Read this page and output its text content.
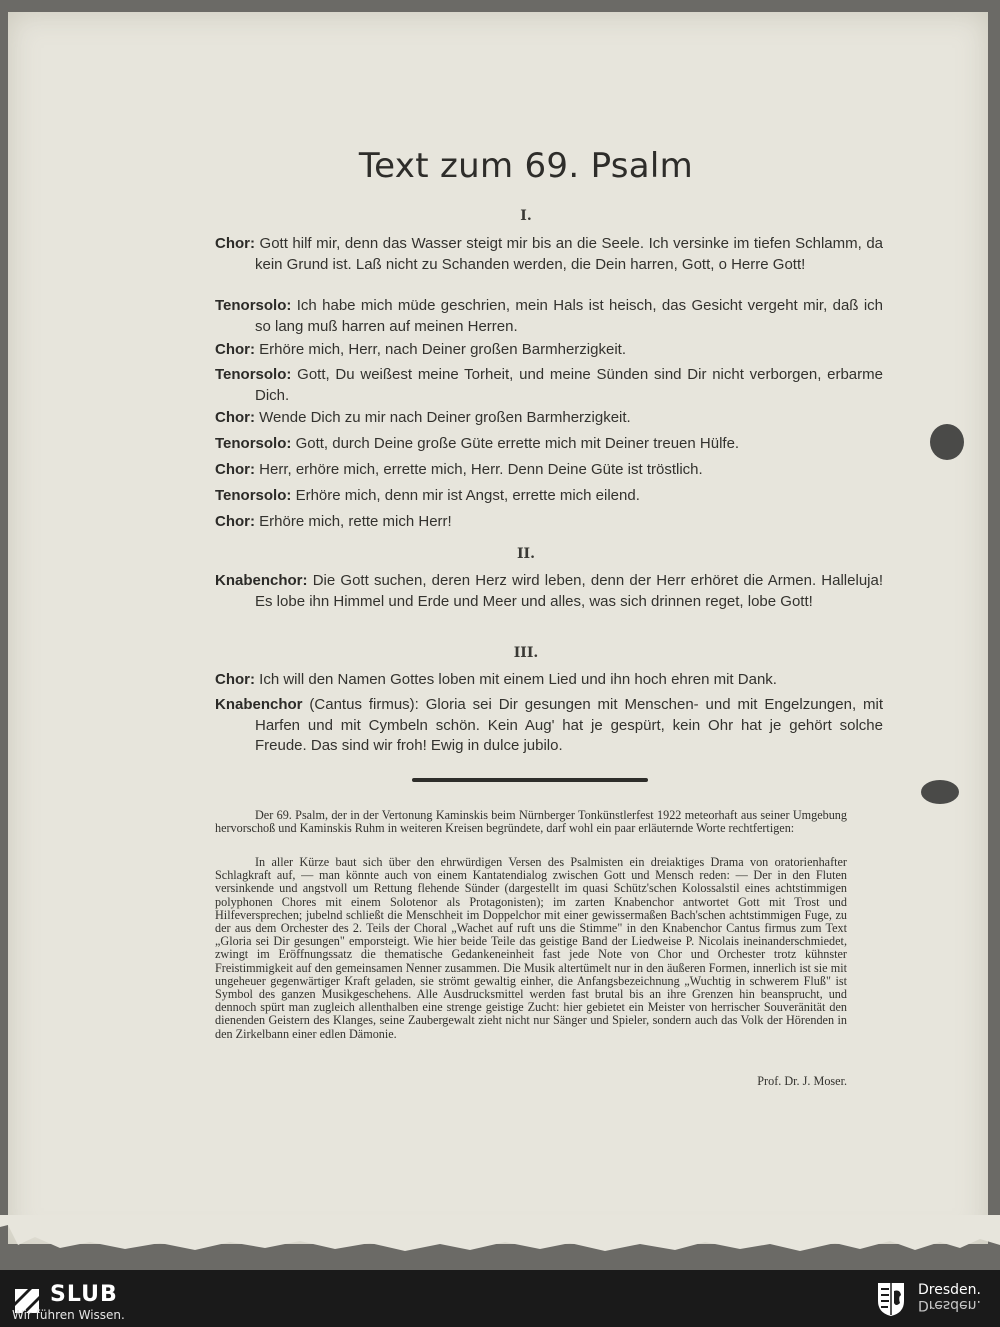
Text zum 69. Psalm
I.
Chor: Gott hilf mir, denn das Wasser steigt mir bis an die Seele. Ich versinke im tiefen Schlamm, da kein Grund ist. Laß nicht zu Schanden werden, die Dein harren, Gott, o Herre Gott!
Tenorsolo: Ich habe mich müde geschrien, mein Hals ist heisch, das Gesicht vergeht mir, daß ich so lang muß harren auf meinen Herren.
Chor: Erhöre mich, Herr, nach Deiner großen Barmherzigkeit.
Tenorsolo: Gott, Du weißest meine Torheit, und meine Sünden sind Dir nicht verborgen, erbarme Dich.
Chor: Wende Dich zu mir nach Deiner großen Barmherzigkeit.
Tenorsolo: Gott, durch Deine große Güte errette mich mit Deiner treuen Hülfe.
Chor: Herr, erhöre mich, errette mich, Herr. Denn Deine Güte ist tröstlich.
Tenorsolo: Erhöre mich, denn mir ist Angst, errette mich eilend.
Chor: Erhöre mich, rette mich Herr!
II.
Knabenchor: Die Gott suchen, deren Herz wird leben, denn der Herr erhöret die Armen. Halleluja! Es lobe ihn Himmel und Erde und Meer und alles, was sich drinnen reget, lobe Gott!
III.
Chor: Ich will den Namen Gottes loben mit einem Lied und ihn hoch ehren mit Dank.
Knabenchor (Cantus firmus): Gloria sei Dir gesungen mit Menschen- und mit Engelzungen, mit Harfen und mit Cymbeln schön. Kein Aug' hat je gespürt, kein Ohr hat je gehört solche Freude. Das sind wir froh! Ewig in dulce jubilo.

Der 69. Psalm, der in der Vertonung Kaminskis beim Nürnberger Tonkünstlerfest 1922 meteorhaft aus seiner Umgebung hervorschoß und Kaminskis Ruhm in weiteren Kreisen begründete, darf wohl ein paar erläuternde Worte rechtfertigen:

In aller Kürze baut sich über den ehrwürdigen Versen des Psalmisten ein dreiaktiges Drama von oratorienhafter Schlagkraft auf, — man könnte auch von einem Kantatendialog zwischen Gott und Mensch reden: — Der in den Fluten versinkende und angstvoll um Rettung flehende Sünder (dargestellt im quasi Schütz'schen Kolossalstil eines achtstimmigen polyphonen Chores mit einem Solotenor als Protagonisten); im zarten Knabenchor antwortet Gott mit Trost und Hilfeversprechen; jubelnd schließt die Menschheit im Doppelchor mit einer gewissermaßen Bach'schen achtstimmigen Fuge, zu der aus dem Orchester des 2. Teils der Choral „Wachet auf ruft uns die Stimme" in den Knabenchor Cantus firmus zum Text „Gloria sei Dir gesungen" emporsteigt. Wie hier beide Teile das geistige Band der Liedweise P. Nicolais ineinanderschmiedet, zwingt im Eröffnungssatz die thematische Gedankeneinheit fast jede Note von Chor und Orchester trotz kühnster Freistimmigkeit auf den gemeinsamen Nenner zusammen. Die Musik altertümelt nur in den äußeren Formen, innerlich ist sie mit ungeheuer gegenwärtiger Kraft geladen, sie strömt gewaltig einher, die Anfangsbezeichnung „Wuchtig in schwerem Fluß" ist Symbol des ganzen Musikgeschehens. Alle Ausdrucksmittel werden fast brutal bis an ihre Grenzen hin beansprucht, und dennoch spürt man zugleich allenthalben eine strenge geistige Zucht: hier gebietet ein Meister von herrischer Souveränität den dienenden Geistern des Klanges, seine Zaubergewalt zieht nicht nur Sänger und Spieler, sondern auch das Volk der Hörenden in den Zirkelbann einer edlen Dämonie.

Prof. Dr. J. Moser.
SLUB
Wir führen Wissen.
Dresden.
Dresden.
